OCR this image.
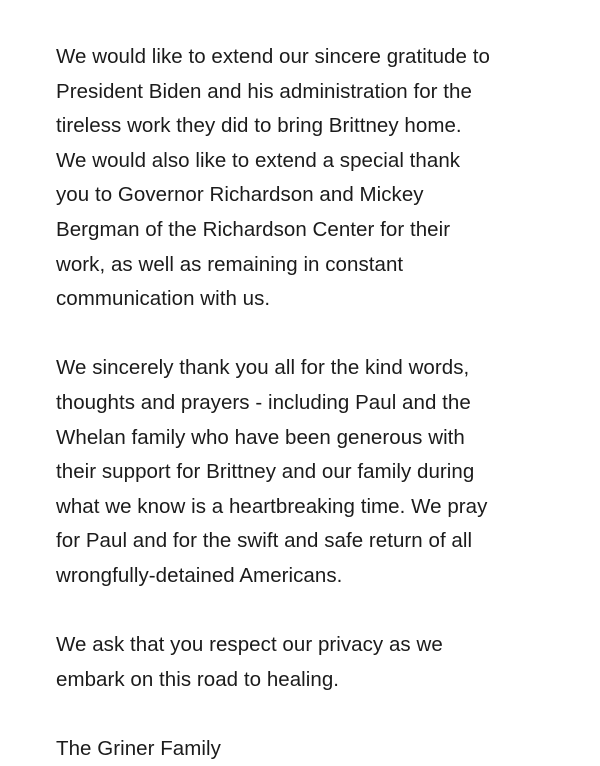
We would like to extend our sincere gratitude to
President Biden and his administration for the
tireless work they did to bring Brittney home.
We would also like to extend a special thank
you to Governor Richardson and Mickey
Bergman of the Richardson Center for their
work, as well as remaining in constant
communication with us.

We sincerely thank you all for the kind words,
thoughts and prayers - including Paul and the
Whelan family who have been generous with
their support for Brittney and our family during
what we know is a heartbreaking time. We pray
for Paul and for the swift and safe return of all
wrongfully-detained Americans.

We ask that you respect our privacy as we
embark on this road to healing.

The Griner Family
